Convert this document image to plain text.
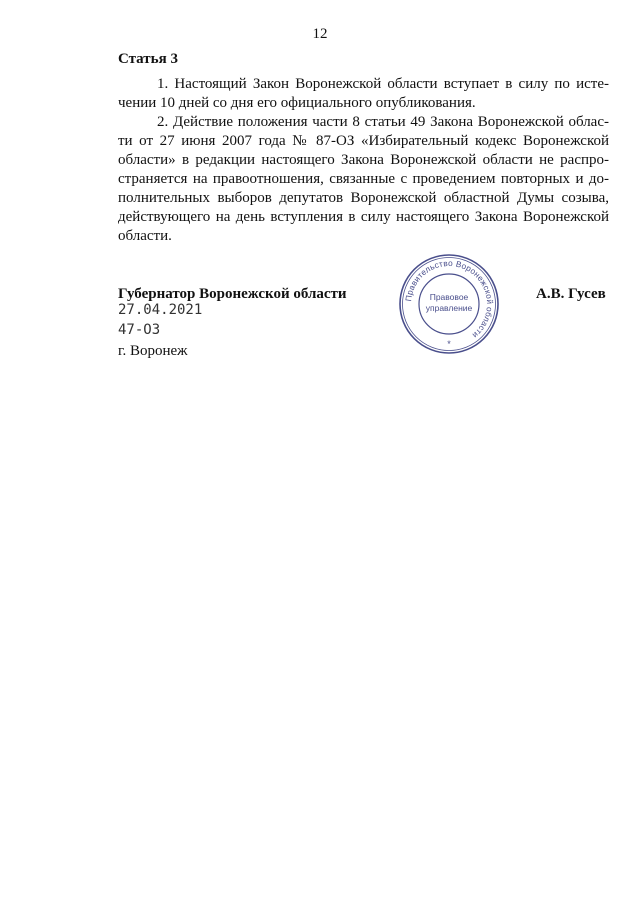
12
Статья 3

1. Настоящий Закон Воронежской области вступает в силу по исте-
чении 10 дней со дня его официального опубликования.

2. Действие положения части 8 статьи 49 Закона Воронежской облас-
ти от 27 июня 2007 года № 87-ОЗ «Избирательный кодекс Воронежской
области» в редакции настоящего Закона Воронежской области не распро-
страняется на правоотношения, связанные с проведением повторных и до-
полнительных выборов депутатов Воронежской областной Думы созыва,
действующего на день вступления в силу настоящего Закона Воронежской
области.

Губернатор Воронежской области	А.В. Гусев
27.04.2021
47-ОЗ
г. Воронеж
Правительство Воронежской области
Правовое
управление
*
